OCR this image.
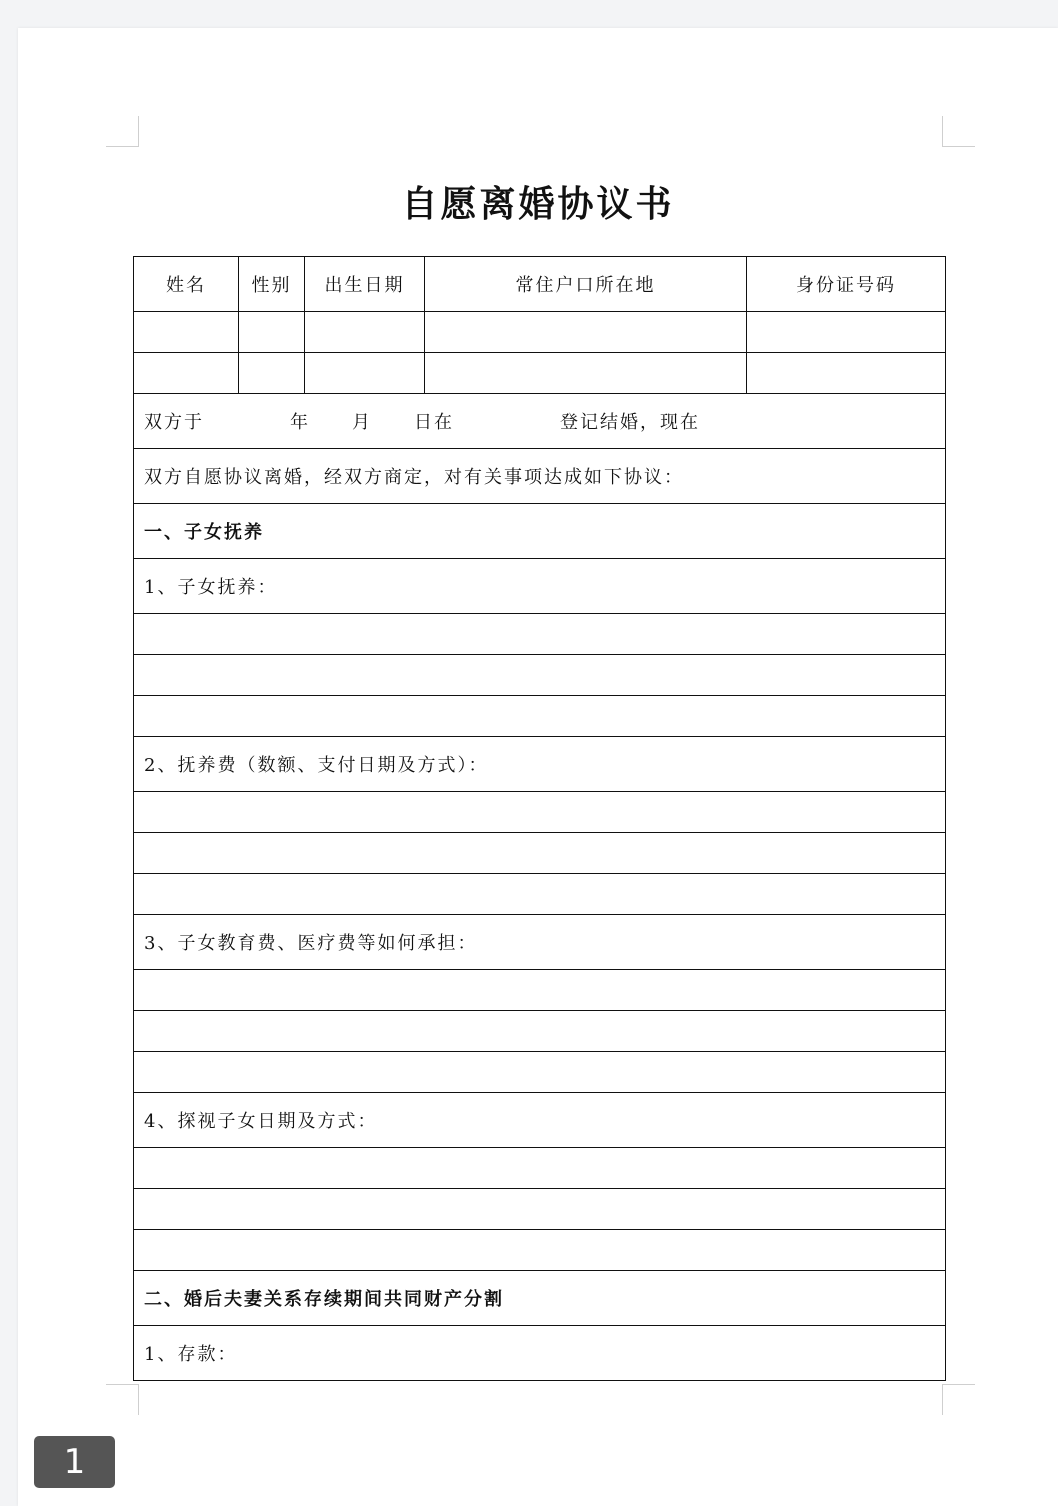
自愿离婚协议书
姓名	性别	出生日期	常住户口所在地	身份证号码

双方于 年 月 日在 登记结婚，现在				
双方自愿协议离婚，经双方商定，对有关事项达成如下协议：				
一、子女抚养				
1、子女抚养：				

2、抚养费（数额、支付日期及方式）：				

3、子女教育费、医疗费等如何承担：				

4、探视子女日期及方式：				

二、婚后夫妻关系存续期间共同财产分割				
1、存款：				
1
